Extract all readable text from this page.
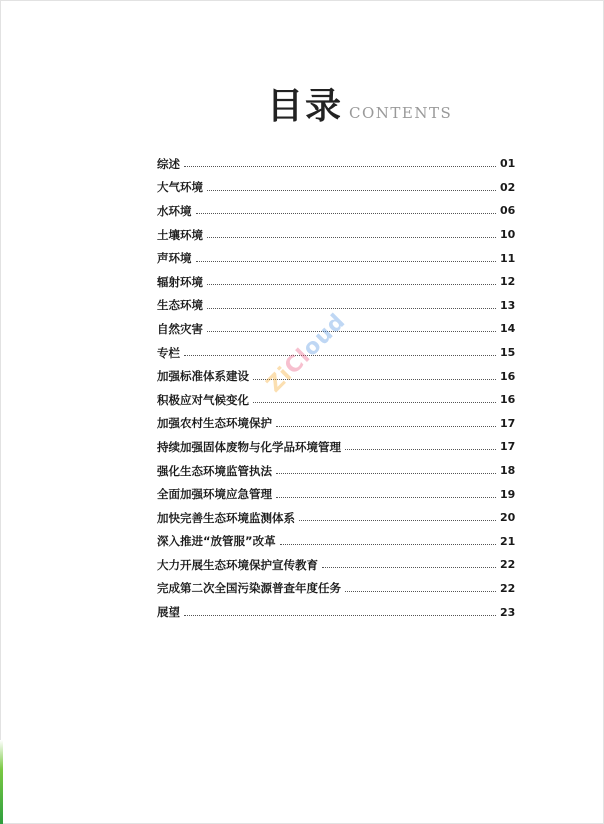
目录 CONTENTS
综述	01
大气环境	02
水环境	06
土壤环境	10
声环境	11
辐射环境	12
生态环境	13
自然灾害	14
专栏	15
加强标准体系建设	16
积极应对气候变化	16
加强农村生态环境保护	17
持续加强固体废物与化学品环境管理	17
强化生态环境监管执法	18
全面加强环境应急管理	19
加快完善生态环境监测体系	20
深入推进“放管服”改革	21
大力开展生态环境保护宣传教育	22
完成第二次全国污染源普查年度任务	22
展望	23
ZiCloud
